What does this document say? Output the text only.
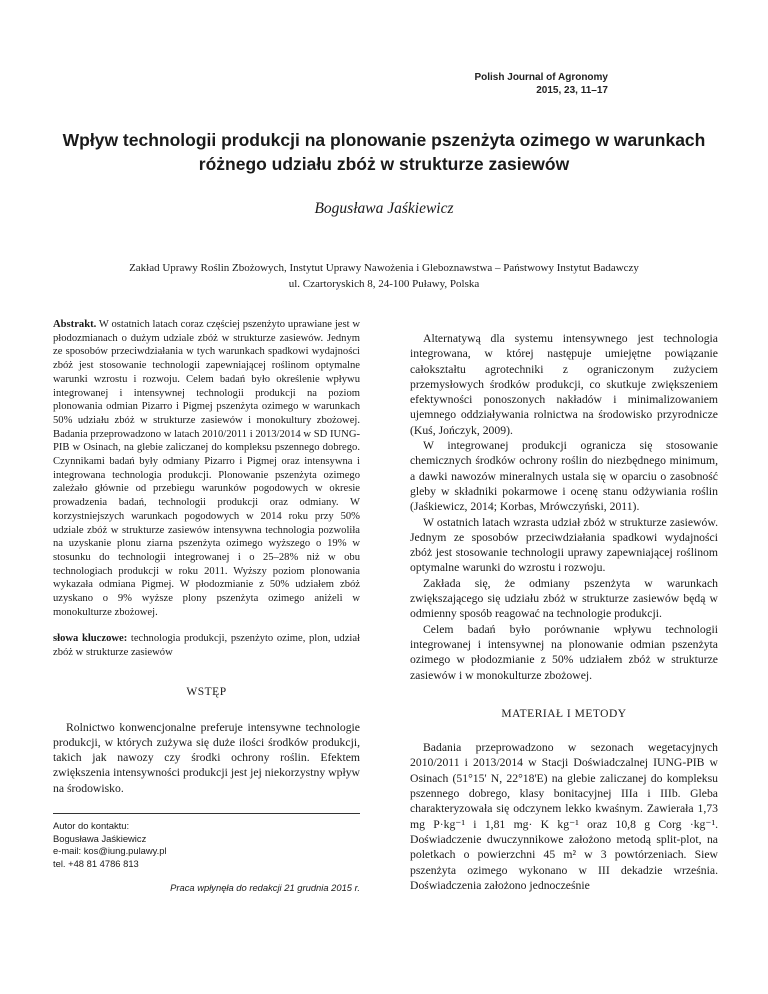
Polish Journal of Agronomy
2015, 23, 11–17
Wpływ technologii produkcji na plonowanie pszenżyta ozimego w warunkach
różnego udziału zbóż w strukturze zasiewów
Bogusława Jaśkiewicz
Zakład Uprawy Roślin Zbożowych, Instytut Uprawy Nawożenia i Gleboznawstwa – Państwowy Instytut Badawczy
ul. Czartoryskich 8, 24-100 Puławy, Polska

Abstrakt. W ostatnich latach coraz częściej pszenżyto uprawiane jest w płodozmianach o dużym udziale zbóż w strukturze zasiewów. Jednym ze sposobów przeciwdziałania w tych warunkach spadkowi wydajności zbóż jest stosowanie technologii zapewniającej roślinom optymalne warunki wzrostu i rozwoju. Celem badań było określenie wpływu integrowanej i intensywnej technologii produkcji na poziom plonowania odmian Pizarro i Pigmej pszenżyta ozimego w warunkach 50% udziału zbóż w strukturze zasiewów i monokultury zbożowej. Badania przeprowadzono w latach 2010/2011 i 2013/2014 w SD IUNG-PIB w Osinach, na glebie zaliczanej do kompleksu pszennego dobrego. Czynnikami badań były odmiany Pizarro i Pigmej oraz intensywna i integrowana technologia produkcji. Plonowanie pszenżyta ozimego zależało głównie od przebiegu warunków pogodowych w okresie prowadzenia badań, technologii produkcji oraz odmiany. W korzystniejszych warunkach pogodowych w 2014 roku przy 50% udziale zbóż w strukturze zasiewów intensywna technologia pozwoliła na uzyskanie plonu ziarna pszenżyta ozimego wyższego o 19% w stosunku do technologii integrowanej i o 25–28% niż w obu technologiach produkcji w roku 2011. Wyższy poziom plonowania wykazała odmiana Pigmej. W płodozmianie z 50% udziałem zbóż uzyskano o 9% wyższe plony pszenżyta ozimego aniżeli w monokulturze zbożowej.

słowa kluczowe: technologia produkcji, pszenżyto ozime, plon, udział zbóż w strukturze zasiewów
WSTĘP

Rolnictwo konwencjonalne preferuje intensywne technologie produkcji, w których zużywa się duże ilości środków produkcji, takich jak nawozy czy środki ochrony roślin. Efektem zwiększenia intensywności produkcji jest jej niekorzystny wpływ na środowisko.

Autor do kontaktu:
Bogusława Jaśkiewicz
e-mail: kos@iung.pulawy.pl
tel. +48 81 4786 813
Praca wpłynęła do redakcji 21 grudnia 2015 r.

Alternatywą dla systemu intensywnego jest technologia integrowana, w której następuje umiejętne powiązanie całokształtu agrotechniki z ograniczonym zużyciem przemysłowych środków produkcji, co skutkuje zwiększeniem efektywności ponoszonych nakładów i minimalizowaniem ujemnego oddziaływania rolnictwa na środowisko przyrodnicze (Kuś, Jończyk, 2009).

W integrowanej produkcji ogranicza się stosowanie chemicznych środków ochrony roślin do niezbędnego minimum, a dawki nawozów mineralnych ustala się w oparciu o zasobność gleby w składniki pokarmowe i ocenę stanu odżywiania roślin (Jaśkiewicz, 2014; Korbas, Mrówczyński, 2011).

W ostatnich latach wzrasta udział zbóż w strukturze zasiewów. Jednym ze sposobów przeciwdziałania spadkowi wydajności zbóż jest stosowanie technologii uprawy zapewniającej roślinom optymalne warunki do wzrostu i rozwoju.

Zakłada się, że odmiany pszenżyta w warunkach zwiększającego się udziału zbóż w strukturze zasiewów będą w odmienny sposób reagować na technologie produkcji.

Celem badań było porównanie wpływu technologii integrowanej i intensywnej na plonowanie odmian pszenżyta ozimego w płodozmianie z 50% udziałem zbóż w strukturze zasiewów i w monokulturze zbożowej.

MATERIAŁ I METODY

Badania przeprowadzono w sezonach wegetacyjnych 2010/2011 i 2013/2014 w Stacji Doświadczalnej IUNG-PIB w Osinach (51°15' N, 22°18'E) na glebie zaliczanej do kompleksu pszennego dobrego, klasy bonitacyjnej IIIa i IIIb. Gleba charakteryzowała się odczynem lekko kwaśnym. Zawierała 1,73 mg P·kg⁻¹ i 1,81 mg· K kg⁻¹ oraz 10,8 g Corg ·kg⁻¹. Doświadczenie dwuczynnikowe założono metodą split-plot, na poletkach o powierzchni 45 m² w 3 powtórzeniach. Siew pszenżyta ozimego wykonano w III dekadzie września. Doświadczenia założono jednocześnie
